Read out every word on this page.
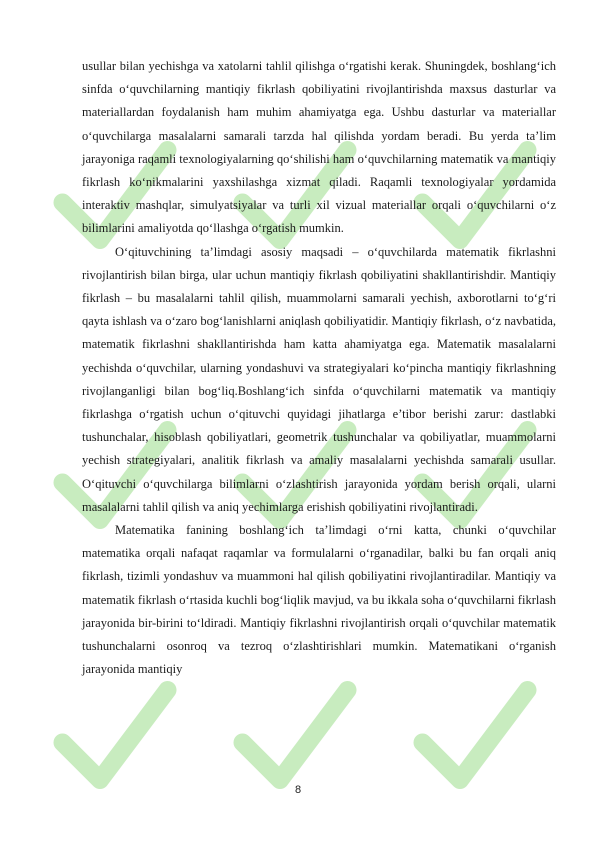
usullar bilan yechishga va xatolarni tahlil qilishga o‘rgatishi kerak. Shuningdek, boshlang‘ich sinfda o‘quvchilarning mantiqiy fikrlash qobiliyatini rivojlantirishda maxsus dasturlar va materiallardan foydalanish ham muhim ahamiyatga ega. Ushbu dasturlar va materiallar o‘quvchilarga masalalarni samarali tarzda hal qilishda yordam beradi. Bu yerda ta’lim jarayoniga raqamli texnologiyalarning qo‘shilishi ham o‘quvchilarning matematik va mantiqiy fikrlash ko‘nikmalarini yaxshilashga xizmat qiladi. Raqamli texnologiyalar yordamida interaktiv mashqlar, simulyatsiyalar va turli xil vizual materiallar orqali o‘quvchilarni o‘z bilimlarini amaliyotda qo‘llashga o‘rgatish mumkin.

O‘qituvchining ta’limdagi asosiy maqsadi – o‘quvchilarda matematik fikrlashni rivojlantirish bilan birga, ular uchun mantiqiy fikrlash qobiliyatini shakllantirishdir. Mantiqiy fikrlash – bu masalalarni tahlil qilish, muammolarni samarali yechish, axborotlarni to‘g‘ri qayta ishlash va o‘zaro bog‘lanishlarni aniqlash qobiliyatidir. Mantiqiy fikrlash, o‘z navbatida, matematik fikrlashni shakllantirishda ham katta ahamiyatga ega. Matematik masalalarni yechishda o‘quvchilar, ularning yondashuvi va strategiyalari ko‘pincha mantiqiy fikrlashning rivojlanganligi bilan bog‘liq.Boshlang‘ich sinfda o‘quvchilarni matematik va mantiqiy fikrlashga o‘rgatish uchun o‘qituvchi quyidagi jihatlarga e’tibor berishi zarur: dastlabki tushunchalar, hisoblash qobiliyatlari, geometrik tushunchalar va qobiliyatlar, muammolarni yechish strategiyalari, analitik fikrlash va amaliy masalalarni yechishda samarali usullar. O‘qituvchi o‘quvchilarga bilimlarni o‘zlashtirish jarayonida yordam berish orqali, ularni masalalarni tahlil qilish va aniq yechimlarga erishish qobiliyatini rivojlantiradi.

Matematika fanining boshlang‘ich ta’limdagi o‘rni katta, chunki o‘quvchilar matematika orqali nafaqat raqamlar va formulalarni o‘rganadilar, balki bu fan orqali aniq fikrlash, tizimli yondashuv va muammoni hal qilish qobiliyatini rivojlantiradilar. Mantiqiy va matematik fikrlash o‘rtasida kuchli bog‘liqlik mavjud, va bu ikkala soha o‘quvchilarni fikrlash jarayonida bir-birini to‘ldiradi. Mantiqiy fikrlashni rivojlantirish orqali o‘quvchilar matematik tushunchalarni osonroq va tezroq o‘zlashtirishlari mumkin. Matematikani o‘rganish jarayonida mantiqiy

8
